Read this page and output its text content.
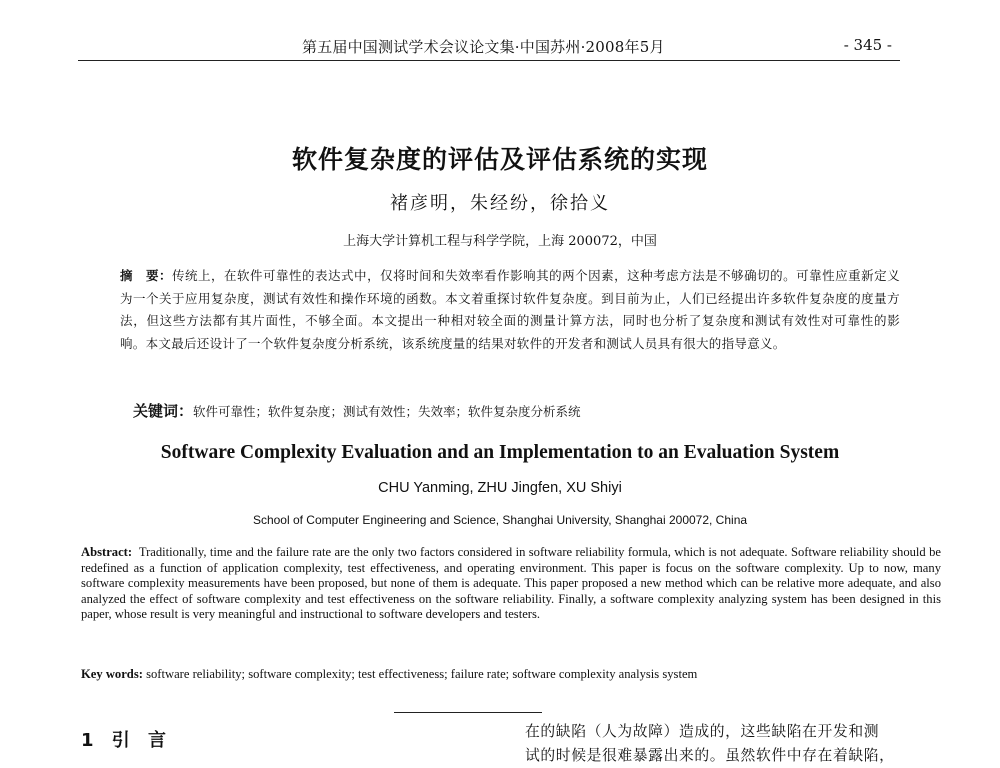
第五届中国测试学术会议论文集·中国苏州·2008年5月	- 345 -
软件复杂度的评估及评估系统的实现
褚彦明，朱经纷，徐拾义
上海大学计算机工程与科学学院，上海 200072，中国
摘　要：传统上，在软件可靠性的表达式中，仅将时间和失效率看作影响其的两个因素，这种考虑方法是不够确切的。可靠性应重新定义为一个关于应用复杂度，测试有效性和操作环境的函数。本文着重探讨软件复杂度。到目前为止，人们已经提出许多软件复杂度的度量方法，但这些方法都有其片面性，不够全面。本文提出一种相对较全面的测量计算方法，同时也分析了复杂度和测试有效性对可靠性的影响。本文最后还设计了一个软件复杂度分析系统，该系统度量的结果对软件的开发者和测试人员具有很大的指导意义。
关键词：软件可靠性；软件复杂度；测试有效性；失效率；软件复杂度分析系统
Software Complexity Evaluation and an Implementation to an Evaluation System
CHU Yanming, ZHU Jingfen, XU Shiyi
School of Computer Engineering and Science, Shanghai University, Shanghai 200072, China
Abstract: Traditionally, time and the failure rate are the only two factors considered in software reliability formula, which is not adequate. Software reliability should be redefined as a function of application complexity, test effectiveness, and operating environment. This paper is focus on the software complexity. Up to now, many software complexity measurements have been proposed, but none of them is adequate. This paper proposed a new method which can be relative more adequate, and also analyzed the effect of software complexity and test effectiveness on the software reliability. Finally, a software complexity analyzing system has been designed in this paper, whose result is very meaningful and instructional to software developers and testers.
Key words: software reliability; software complexity; test effectiveness; failure rate; software complexity analysis system
1 引 言	在的缺陷（人为故障）造成的，这些缺陷在开发和测
试的时候是很难暴露出来的。虽然软件中存在着缺陷，
